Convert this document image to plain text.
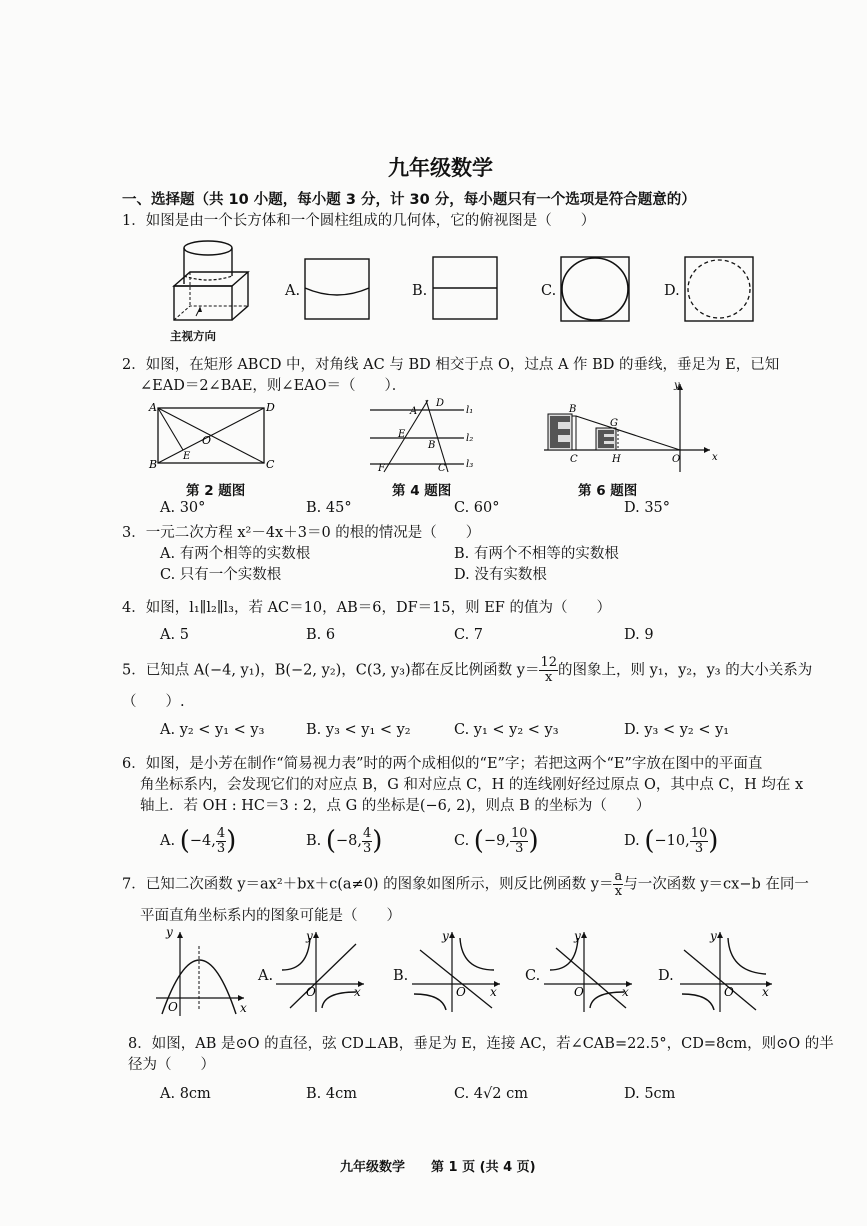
九年级数学
一、选择题（共 10 小题，每小题 3 分，计 30 分，每小题只有一个选项是符合题意的）
1．如图是由一个长方体和一个圆柱组成的几何体，它的俯视图是（　　）
主视方向
A.	B.	C.	D.
2．如图，在矩形 ABCD 中，对角线 AC 与 BD 相交于点 O，过点 A 作 BD 的垂线，垂足为 E，已知
∠EAD＝2∠BAE，则∠EAO＝（　　）．
A	D
B	C
O
E
第 2 题图
l₁
l₂
l₃
A
D
E
B
F	C
第 4 题图
B
G
C	H	O	x
y
第 6 题图
A. 30°	B. 45°	C. 60°	D. 35°
3．一元二次方程 x²－4x＋3＝0 的根的情况是（　　）
A. 有两个相等的实数根	B. 有两个不相等的实数根
C. 只有一个实数根	D. 没有实数根
4．如图，l₁∥l₂∥l₃，若 AC＝10，AB＝6，DF＝15，则 EF 的值为（　　）
A. 5	B. 6	C. 7	D. 9
5．已知点 A(−4, y₁)，B(−2, y₂)，C(3, y₃)都在反比例函数 $y= \frac{12}{x}$ 的图象上，则 y₁，y₂，y₃ 的大小关系为
（　　）.
A. y₂ < y₁ < y₃	B. y₃ < y₁ < y₂	C. y₁ < y₂ < y₃	D. y₃ < y₂ < y₁
6．如图，是小芳在制作“简易视力表”时的两个成相似的“E”字；若把这两个“E”字放在图中的平面直
角坐标系内，会发现它们的对应点 B，G 和对应点 C，H 的连线刚好经过原点 O，其中点 C，H 均在 x
轴上．若 OH : HC＝3 : 2，点 G 的坐标是(−6, 2)，则点 B 的坐标为（　　）
A. (−4, $\frac{4}{3}$ )	B. (−8, $\frac{4}{3}$ )	C. (−9, $\frac{10}{3}$ )	D. (−10, $\frac{10}{3}$ )
7．已知二次函数 y＝ax²＋bx＋c(a≠0) 的图象如图所示，则反比例函数 $y= \frac{a}{x}$ 与一次函数 y＝cx−b 在同一
平面直角坐标系内的图象可能是（　　）
y
O	x
A.
y
O	x
B.
y
O x
C.
y
O	x
D.
y
O x
8．如图，AB 是⊙O 的直径，弦 CD⊥AB，垂足为 E，连接 AC，若∠CAB=22.5°，CD=8cm，则⊙O 的半
径为（　　）
A. 8cm	B. 4cm	C. 4√2 cm	D. 5cm
九年级数学　　第 1 页 (共 4 页)
